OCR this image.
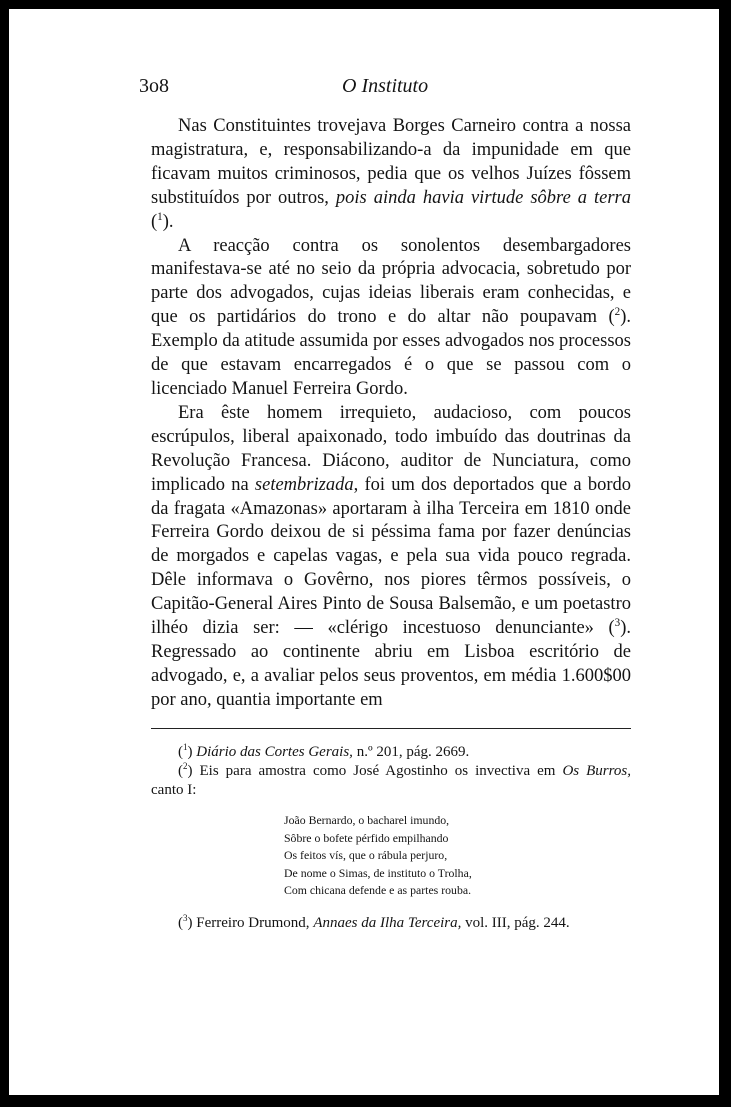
3o8	O Instituto

Nas Constituintes trovejava Borges Carneiro contra a nossa magistratura, e, responsabilizando-a da impunidade em que ficavam muitos criminosos, pedia que os velhos Juízes fôssem substituídos por outros, pois ainda havia virtude sôbre a terra ($^1$).

A reacção contra os sonolentos desembargadores manifestava-se até no seio da própria advocacia, sobretudo por parte dos advogados, cujas ideias liberais eram conhecidas, e que os partidários do trono e do altar não poupavam ($^2$). Exemplo da atitude assumida por esses advogados nos processos de que estavam encarregados é o que se passou com o licenciado Manuel Ferreira Gordo.

Era êste homem irrequieto, audacioso, com poucos escrúpulos, liberal apaixonado, todo imbuído das doutrinas da Revolução Francesa. Diácono, auditor de Nunciatura, como implicado na setembrizada, foi um dos deportados que a bordo da fragata «Amazonas» aportaram à ilha Terceira em 1810 onde Ferreira Gordo deixou de si péssima fama por fazer denúncias de morgados e capelas vagas, e pela sua vida pouco regrada. Dêle informava o Govêrno, nos piores têrmos possíveis, o Capitão-General Aires Pinto de Sousa Balsemão, e um poetastro ilhéo dizia ser: — «clérigo incestuoso denunciante» ($^3$). Regressado ao continente abriu em Lisboa escritório de advogado, e, a avaliar pelos seus proventos, em média 1.600$00 por ano, quantia importante em

($^1$) Diário das Cortes Gerais, n.º 201, pág. 2669.

($^2$) Eis para amostra como José Agostinho os invectiva em Os Burros, canto I:

João Bernardo, o bacharel imundo,
Sôbre o bofete pérfido empilhando
Os feitos vís, que o rábula perjuro,
De nome o Simas, de instituto o Trolha,
Com chicana defende e as partes rouba.

($^3$) Ferreiro Drumond, Annaes da Ilha Terceira, vol. III, pág. 244.
